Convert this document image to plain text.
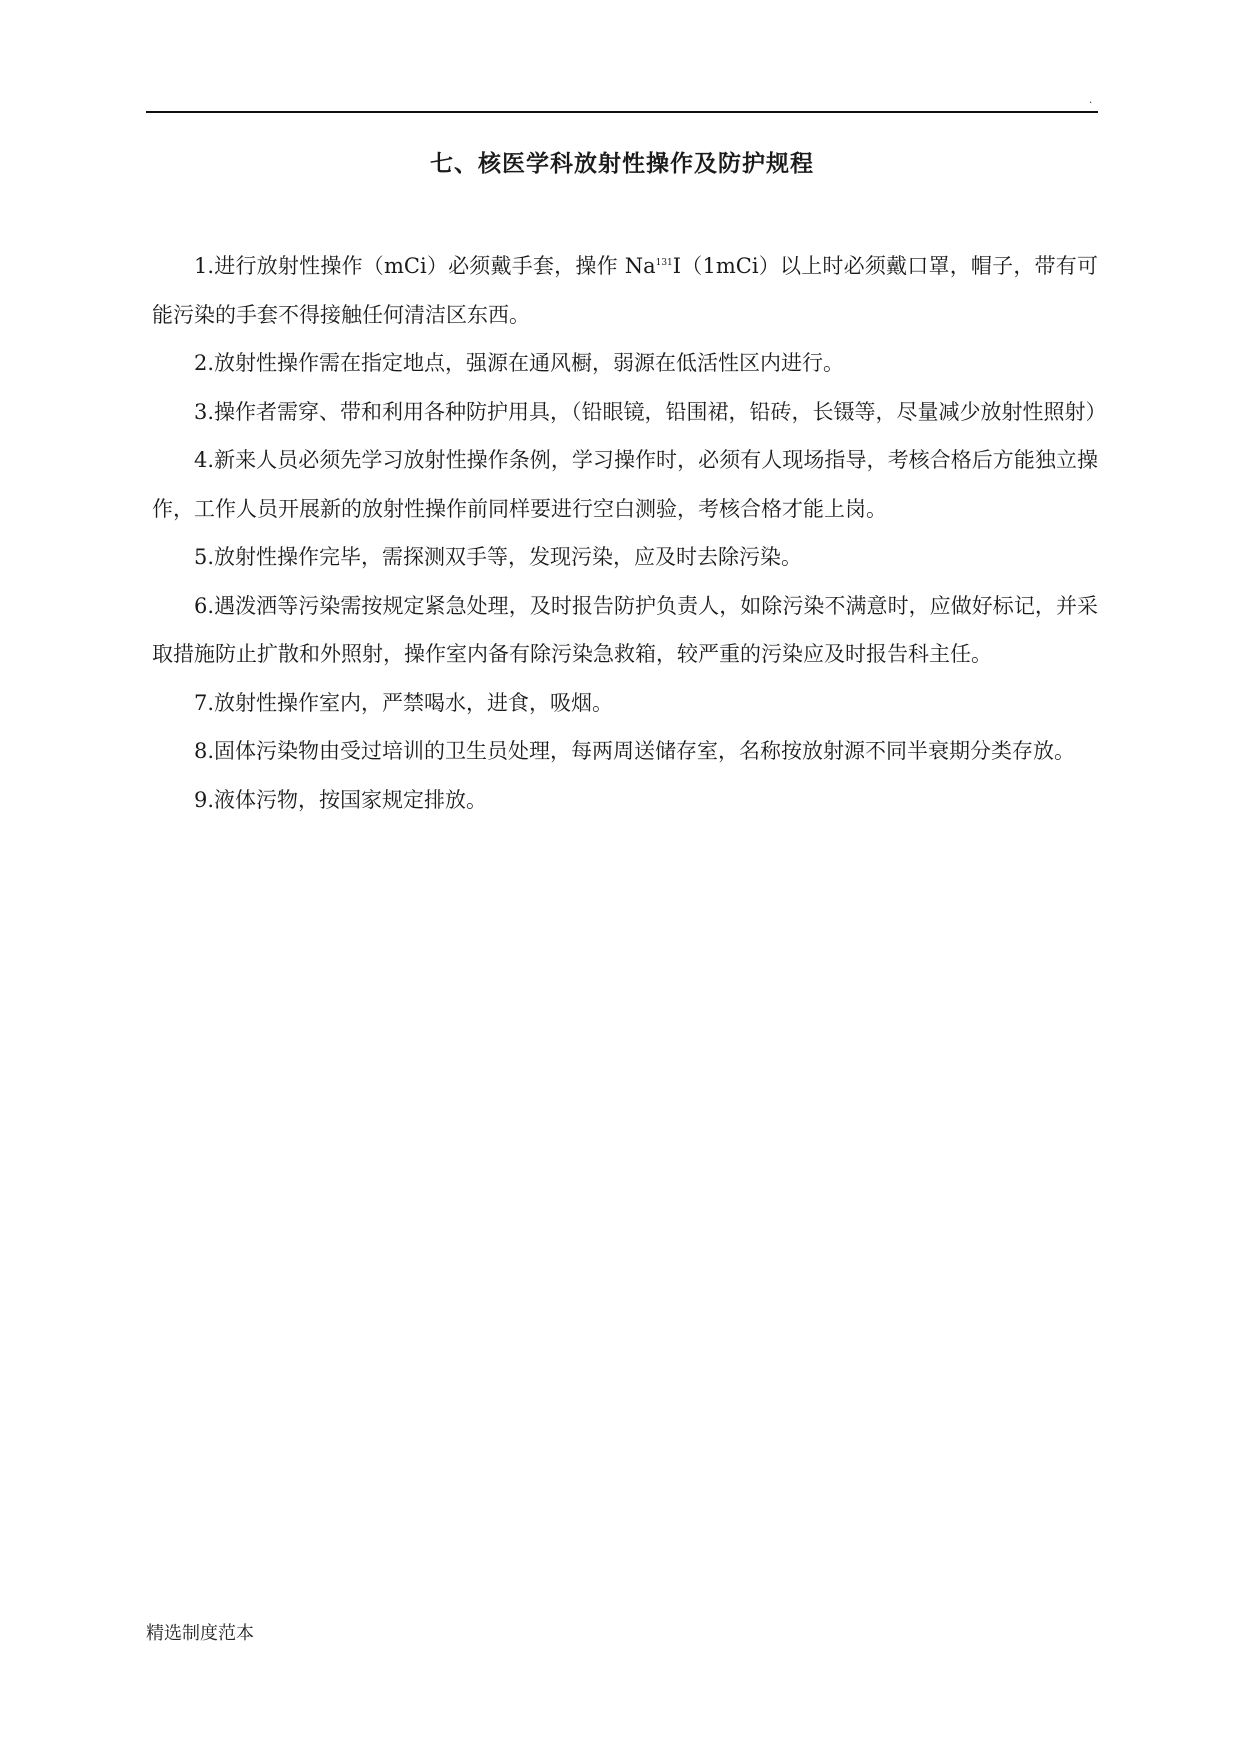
.
七、核医学科放射性操作及防护规程

1.进行放射性操作（mCi）必须戴手套，操作 Na$^{131}$I（1mCi）以上时必须戴口罩，帽子，带有可能污染的手套不得接触任何清洁区东西。

2.放射性操作需在指定地点，强源在通风橱，弱源在低活性区内进行。

3.操作者需穿、带和利用各种防护用具，（铅眼镜，铅围裙，铅砖，长镊等，尽量减少放射性照射）

4.新来人员必须先学习放射性操作条例，学习操作时，必须有人现场指导，考核合格后方能独立操作，工作人员开展新的放射性操作前同样要进行空白测验，考核合格才能上岗。

5.放射性操作完毕，需探测双手等，发现污染，应及时去除污染。

6.遇泼洒等污染需按规定紧急处理，及时报告防护负责人，如除污染不满意时，应做好标记，并采取措施防止扩散和外照射，操作室内备有除污染急救箱，较严重的污染应及时报告科主任。

7.放射性操作室内，严禁喝水，进食，吸烟。

8.固体污染物由受过培训的卫生员处理，每两周送储存室，名称按放射源不同半衰期分类存放。

9.液体污物，按国家规定排放。

精选制度范本
